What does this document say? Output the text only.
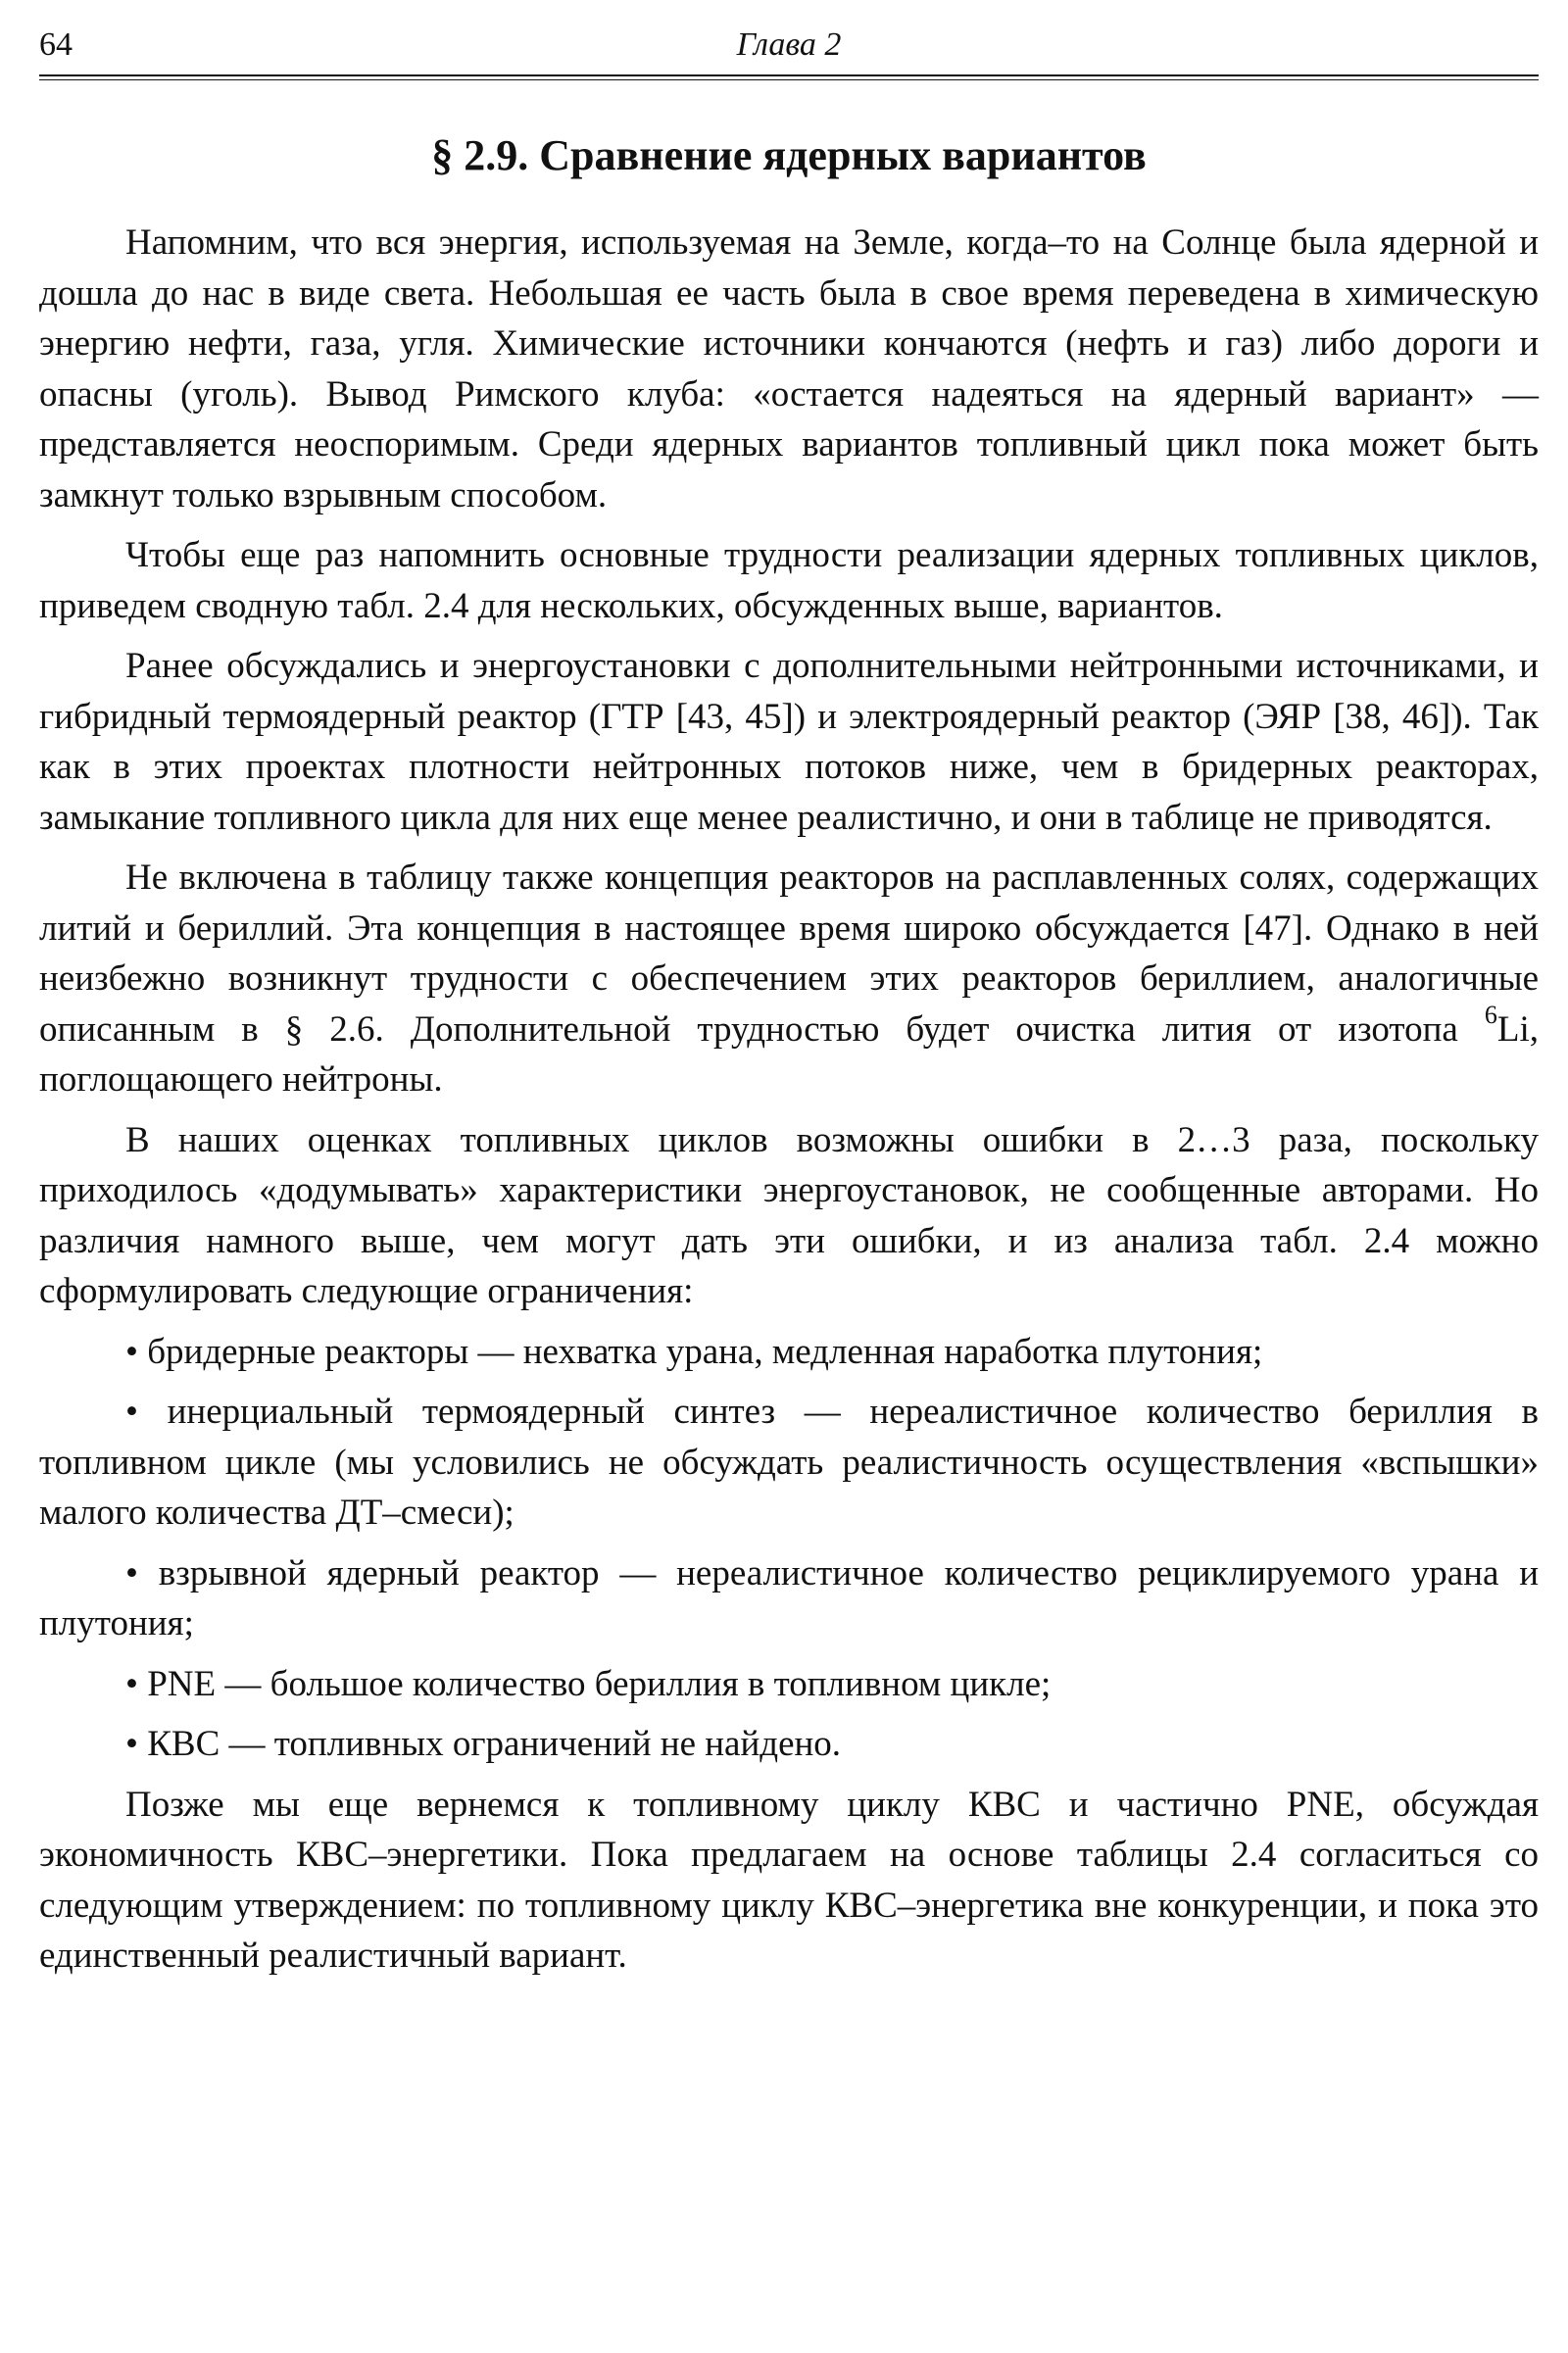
64	Глава 2
§ 2.9. Сравнение ядерных вариантов

Напомним, что вся энергия, используемая на Земле, когда–то на Солнце была ядерной и дошла до нас в виде света. Небольшая ее часть была в свое время переведена в химическую энергию нефти, газа, угля. Химические источники кончаются (нефть и газ) либо дороги и опасны (уголь). Вывод Римского клуба: «остается надеяться на ядерный вариант» — представляется неоспоримым. Среди ядерных вариантов топливный цикл пока может быть замкнут только взрывным способом.

Чтобы еще раз напомнить основные трудности реализации ядерных топливных циклов, приведем сводную табл. 2.4 для нескольких, обсужденных выше, вариантов.

Ранее обсуждались и энергоустановки с дополнительными нейтронными источниками, и гибридный термоядерный реактор (ГТР [43, 45]) и электроядерный реактор (ЭЯР [38, 46]). Так как в этих проектах плотности нейтронных потоков ниже, чем в бридерных реакторах, замыкание топливного цикла для них еще менее реалистично, и они в таблице не приводятся.

Не включена в таблицу также концепция реакторов на расплавленных солях, содержащих литий и бериллий. Эта концепция в настоящее время широко обсуждается [47]. Однако в ней неизбежно возникнут трудности с обеспечением этих реакторов бериллием, аналогичные описанным в § 2.6. Дополнительной трудностью будет очистка лития от изотопа $^6$Li, поглощающего нейтроны.

В наших оценках топливных циклов возможны ошибки в 2…3 раза, поскольку приходилось «додумывать» характеристики энергоустановок, не сообщенные авторами. Но различия намного выше, чем могут дать эти ошибки, и из анализа табл. 2.4 можно сформулировать следующие ограничения:

• бридерные реакторы — нехватка урана, медленная наработка плутония;

• инерциальный термоядерный синтез — нереалистичное количество бериллия в топливном цикле (мы условились не обсуждать реалистичность осуществления «вспышки» малого количества ДТ–смеси);

• взрывной ядерный реактор — нереалистичное количество рециклируемого урана и плутония;

• PNE — большое количество бериллия в топливном цикле;

• КВС — топливных ограничений не найдено.

Позже мы еще вернемся к топливному циклу КВС и частично PNE, обсуждая экономичность КВС–энергетики. Пока предлагаем на основе таблицы 2.4 согласиться со следующим утверждением: по топливному циклу КВС–энергетика вне конкуренции, и пока это единственный реалистичный вариант.
